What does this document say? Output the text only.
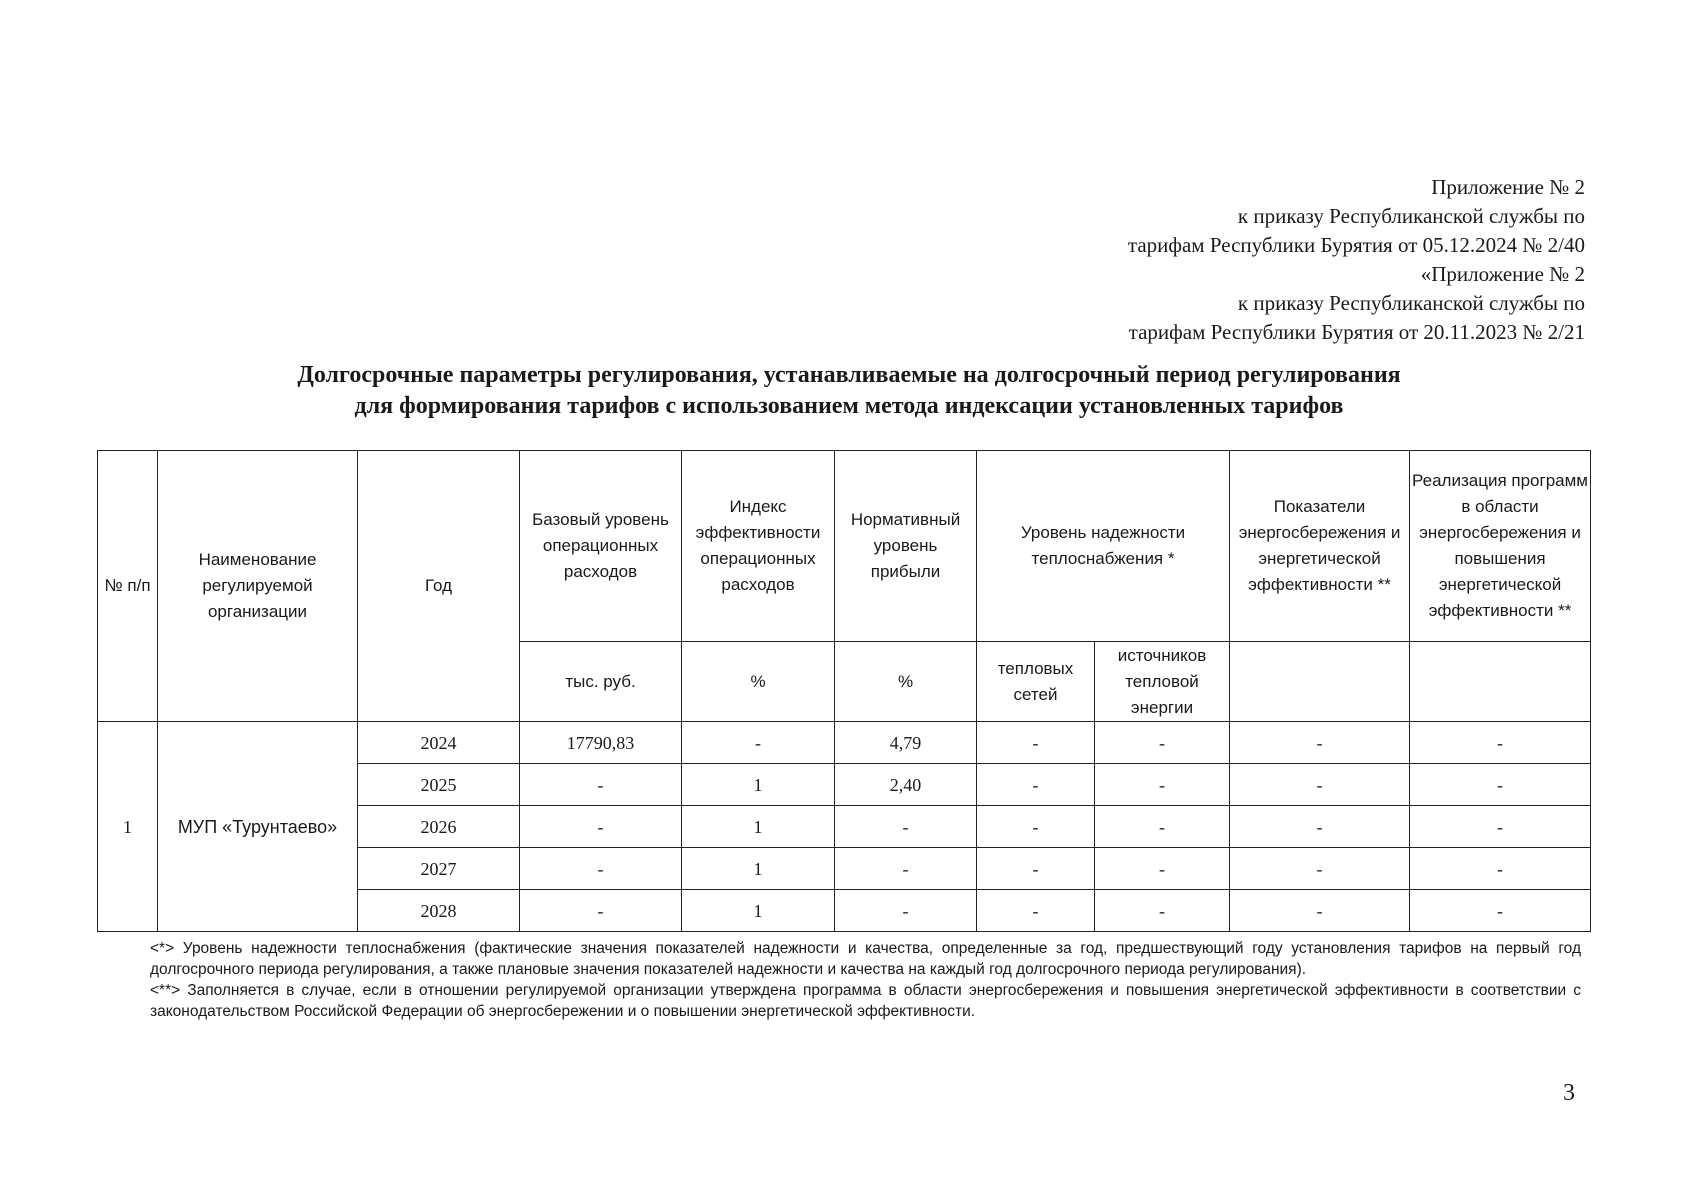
Приложение № 2
к приказу Республиканской службы по
тарифам Республики Бурятия от 05.12.2024 № 2/40
«Приложение № 2
к приказу Республиканской службы по
тарифам Республики Бурятия от 20.11.2023 № 2/21
Долгосрочные параметры регулирования, устанавливаемые на долгосрочный период регулирования
для формирования тарифов с использованием метода индексации установленных тарифов
№ п/п	Наименование регулируемой организации	Год	Базовый уровень операционных расходов	Индекс эффективности операционных расходов	Нормативный уровень прибыли	Уровень надежности теплоснабжения *		Показатели энергосбережения и энергетической эффективности **	Реализация программ в области энергосбережения и повышения энергетической эффективности **
			тыс. руб.	%	%	тепловых сетей	источников тепловой энергии		
1	МУП «Турунтаево»	2024	17790,83	-	4,79	-	-	-	-
		2025	-	1	2,40	-	-	-	-
		2026	-	1	-	-	-	-	-
		2027	-	1	-	-	-	-	-
		2028	-	1	-	-	-	-	-

<*> Уровень надежности теплоснабжения (фактические значения показателей надежности и качества, определенные за год, предшествующий году установления тарифов на первый год долгосрочного периода регулирования, а также плановые значения показателей надежности и качества на каждый год долгосрочного периода регулирования).

<**> Заполняется в случае, если в отношении регулируемой организации утверждена программа в области энергосбережения и повышения энергетической эффективности в соответствии с законодательством Российской Федерации об энергосбережении и о повышении энергетической эффективности.

3
